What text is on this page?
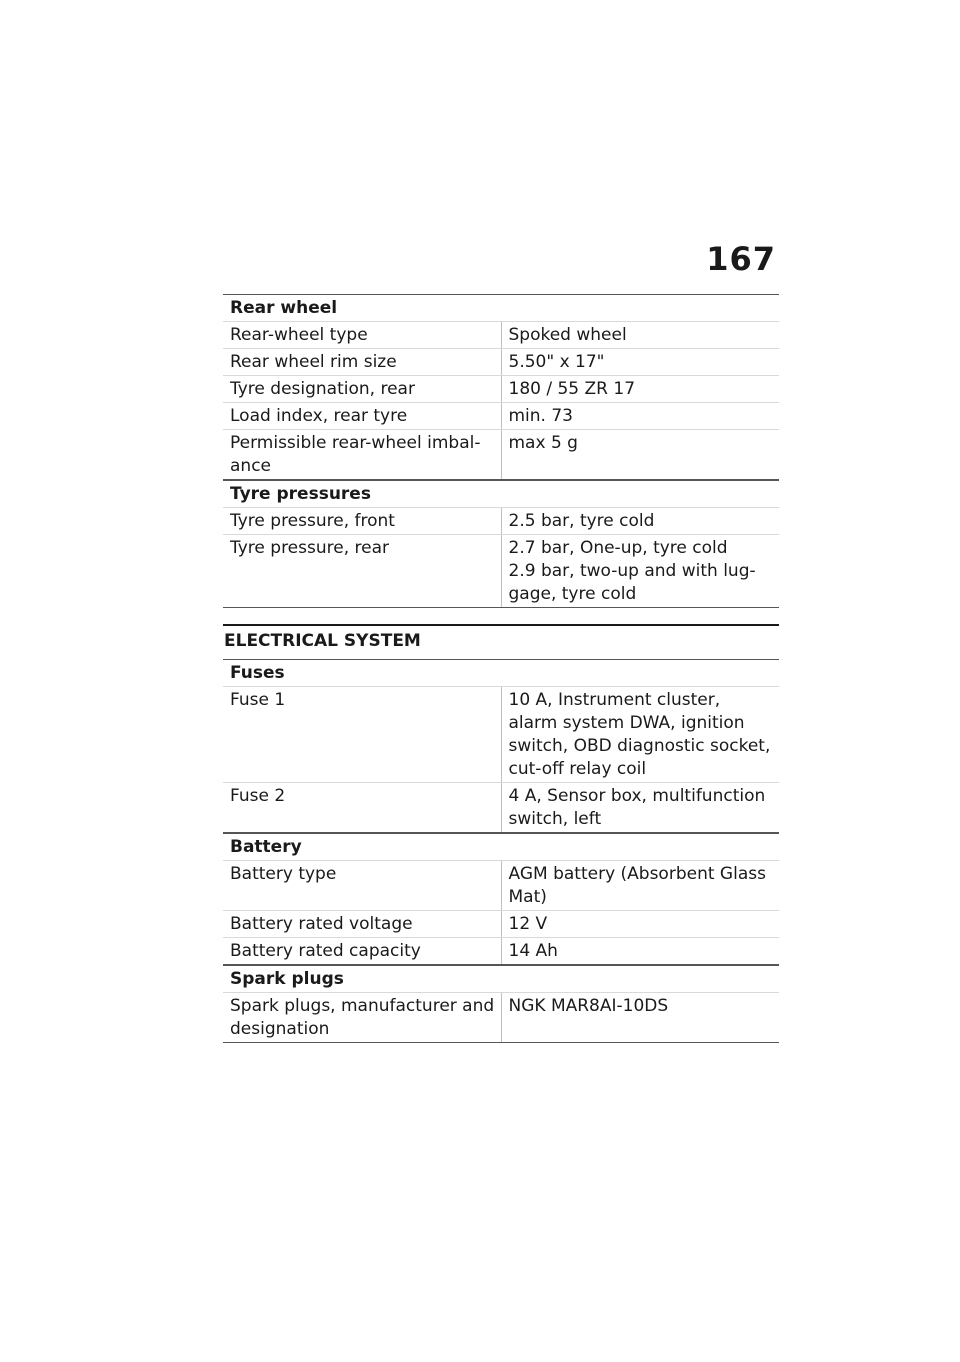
167
Rear wheel	
Rear-wheel type	Spoked wheel
Rear wheel rim size	5.50" x 17"
Tyre designation, rear	180 / 55 ZR 17
Load index, rear tyre	min. 73
Permissible rear-wheel imbal-ance	max 5 g
Tyre pressures	
Tyre pressure, front	2.5 bar, tyre cold
Tyre pressure, rear	2.7 bar, One-up, tyre cold
2.9 bar, two-up and with lug-gage, tyre cold
ELECTRICAL SYSTEM
Fuses	
Fuse 1	10 A, Instrument cluster, alarm system DWA, ignition switch, OBD diagnostic socket, cut-off relay coil
Fuse 2	4 A, Sensor box, multifunction switch, left
Battery	
Battery type	AGM battery (Absorbent Glass Mat)
Battery rated voltage	12 V
Battery rated capacity	14 Ah
Spark plugs
Spark plugs, manufacturer and designation	NGK MAR8AI-10DS
